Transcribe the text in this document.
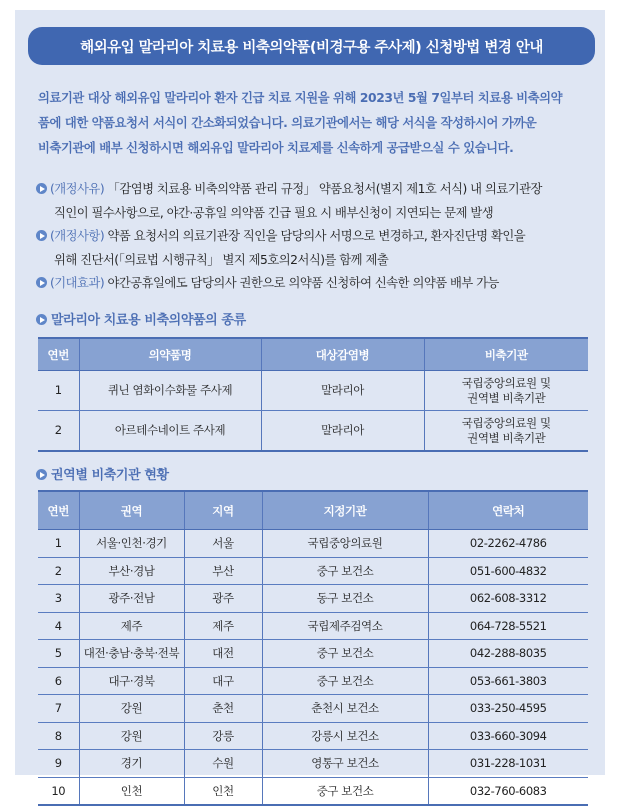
해외유입 말라리아 치료용 비축의약품(비경구용 주사제) 신청방법 변경 안내
의료기관 대상 해외유입 말라리아 환자 긴급 치료 지원을 위해 2023년 5월 7일부터 치료용 비축의약
품에 대한 약품요청서 서식이 간소화되었습니다. 의료기관에서는 해당 서식을 작성하시어 가까운
비축기관에 배부 신청하시면 해외유입 말라리아 치료제를 신속하게 공급받으실 수 있습니다.
(개정사유) 「감염병 치료용 비축의약품 관리 규정」 약품요청서(별지 제1호 서식) 내 의료기관장
직인이 필수사항으로, 야간·공휴일 의약품 긴급 필요 시 배부신청이 지연되는 문제 발생
(개정사항) 약품 요청서의 의료기관장 직인을 담당의사 서명으로 변경하고, 환자진단명 확인을
위해 진단서(「의료법 시행규칙」 별지 제5호의2서식)를 함께 제출
(기대효과) 야간공휴일에도 담당의사 권한으로 의약품 신청하여 신속한 의약품 배부 가능
말라리아 치료용 비축의약품의 종류
연번	의약품명	대상감염병	비축기관
1	퀴닌 염화이수화물 주사제	말라리아	국립중앙의료원 및
권역별 비축기관

2	아르테수네이트 주사제	말라리아	국립중앙의료원 및
권역별 비축기관
권역별 비축기관 현황
연번	권역	지역	지정기관	연락처
1	서울·인천·경기	서울	국립중앙의료원	02-2262-4786
2	부산·경남	부산	중구 보건소	051-600-4832
3	광주·전남	광주	동구 보건소	062-608-3312
4	제주	제주	국립제주검역소	064-728-5521
5	대전·충남·충북·전북	대전	중구 보건소	042-288-8035
6	대구·경북	대구	중구 보건소	053-661-3803
7	강원	춘천	춘천시 보건소	033-250-4595
8	강원	강릉	강릉시 보건소	033-660-3094
9	경기	수원	영통구 보건소	031-228-1031
10	인천	인천	중구 보건소	032-760-6083
